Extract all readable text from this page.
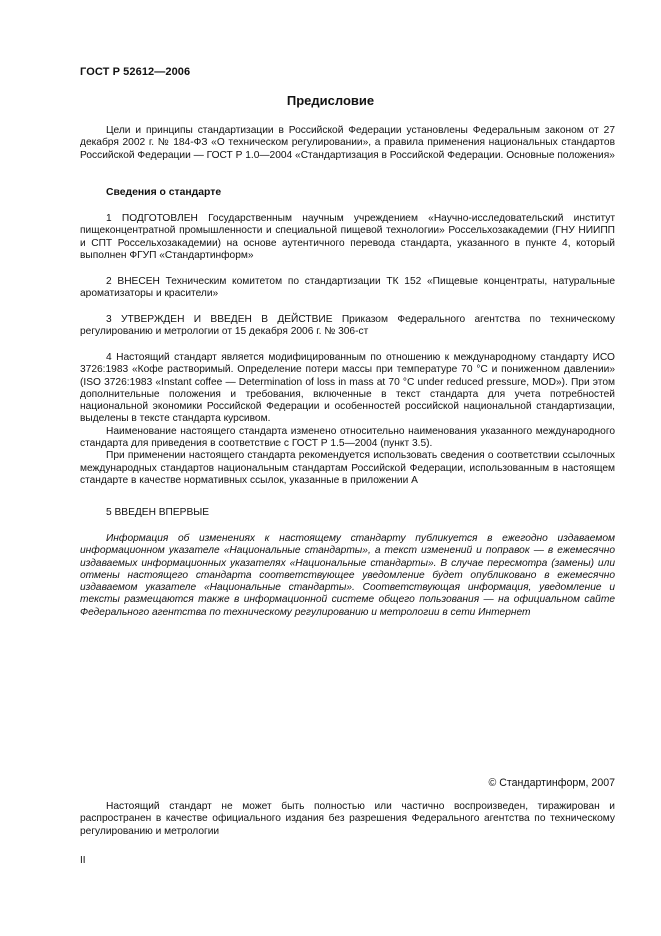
ГОСТ Р 52612—2006
Предисловие

Цели и принципы стандартизации в Российской Федерации установлены Федеральным законом от 27 декабря 2002 г. № 184-ФЗ «О техническом регулировании», а правила применения национальных стандартов Российской Федерации — ГОСТ Р 1.0—2004 «Стандартизация в Российской Федерации. Основные положения»

Сведения о стандарте

1 ПОДГОТОВЛЕН Государственным научным учреждением «Научно-исследовательский институт пищеконцентратной промышленности и специальной пищевой технологии» Россельхозакадемии (ГНУ НИИПП и СПТ Россельхозакадемии) на основе аутентичного перевода стандарта, указанного в пункте 4, который выполнен ФГУП «Стандартинформ»

2 ВНЕСЕН Техническим комитетом по стандартизации ТК 152 «Пищевые концентраты, натуральные ароматизаторы и красители»

3 УТВЕРЖДЕН И ВВЕДЕН В ДЕЙСТВИЕ Приказом Федерального агентства по техническому регулированию и метрологии от 15 декабря 2006 г. № 306-ст

4 Настоящий стандарт является модифицированным по отношению к международному стандарту ИСО 3726:1983 «Кофе растворимый. Определение потери массы при температуре 70 °С и пониженном давлении» (ISO 3726:1983 «Instant coffee — Determination of loss in mass at 70 °C under reduced pressure, MOD»). При этом дополнительные положения и требования, включенные в текст стандарта для учета потребностей национальной экономики Российской Федерации и особенностей российской национальной стандартизации, выделены в тексте стандарта курсивом.

Наименование настоящего стандарта изменено относительно наименования указанного международного стандарта для приведения в соответствие с ГОСТ Р 1.5—2004 (пункт 3.5).

При применении настоящего стандарта рекомендуется использовать сведения о соответствии ссылочных международных стандартов национальным стандартам Российской Федерации, использованным в настоящем стандарте в качестве нормативных ссылок, указанные в приложении А

5 ВВЕДЕН ВПЕРВЫЕ

Информация об изменениях к настоящему стандарту публикуется в ежегодно издаваемом информационном указателе «Национальные стандарты», а текст изменений и поправок — в ежемесячно издаваемых информационных указателях «Национальные стандарты». В случае пересмотра (замены) или отмены настоящего стандарта соответствующее уведомление будет опубликовано в ежемесячно издаваемом указателе «Национальные стандарты». Соответствующая информация, уведомление и тексты размещаются также в информационной системе общего пользования — на официальном сайте Федерального агентства по техническому регулированию и метрологии в сети Интернет

© Стандартинформ, 2007

Настоящий стандарт не может быть полностью или частично воспроизведен, тиражирован и распространен в качестве официального издания без разрешения Федерального агентства по техническому регулированию и метрологии

II
